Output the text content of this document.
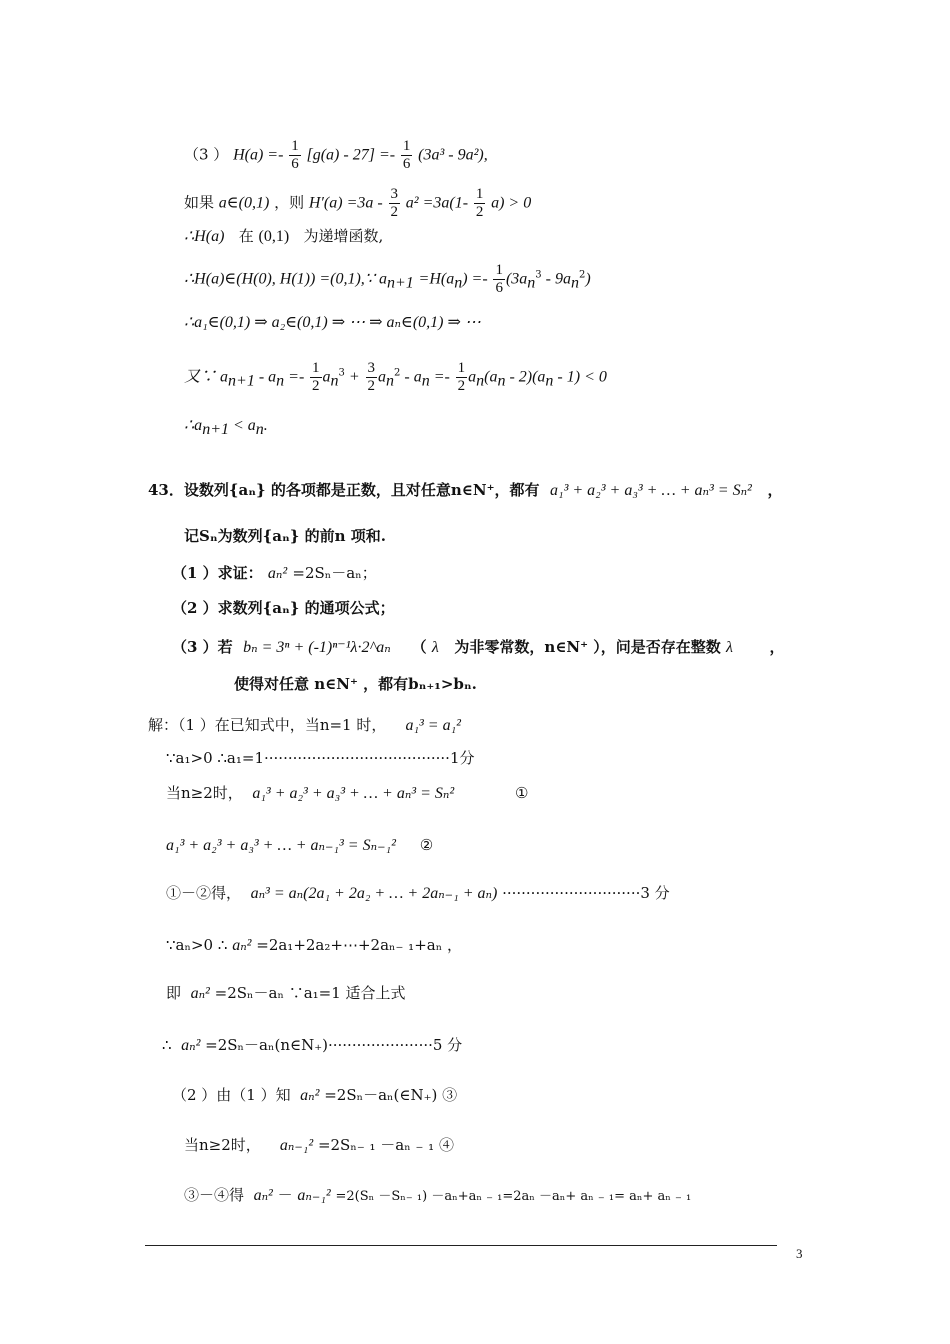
（3 ） $H(a) =- \frac{1}{6} [g(a) - 27] =- \frac{1}{6} (3a^3 - 9a^2)$,
如果 a∈(0,1) ，则 $H'(a) =3a - \frac{3}{2} a^2 =3a(1- \frac{1}{2} a) > 0$
∴H(a) 在 (0,1) 为递增函数,
∴H(a)∈(H(0), H(1)) =(0,1),∵ $a_{n+1} =H(a_n) =- \frac{1}{6} (3a_n^3 - 9a_n^2)$
∴a₁∈(0,1) ⇒ a₂∈(0,1) ⇒ ⋯ ⇒ aₙ∈(0,1) ⇒ ⋯
又∵ $a_{n+1} - a_n =- \frac{1}{2} a_n^3 + \frac{3}{2} a_n^2 - a_n =- \frac{1}{2} a_n(a_n - 2)(a_n - 1) < 0$
$\therefore a_{n+1} < a_n$.
43．设数列{aₙ} 的各项都是正数，且对任意n∈N⁺，都有 a₁³ + a₂³ + a₃³ + … + aₙ³ = Sₙ² ，
记Sₙ为数列{aₙ} 的前n 项和.
（1 ）求证： aₙ² =2Sₙ－aₙ；
（2 ）求数列{aₙ} 的通项公式；
（3 ）若 bₙ = 3ⁿ + (-1)ⁿ⁻¹λ·2^aₙ （ λ 为非零常数，n∈N⁺ ），问是否存在整数 λ ，
使得对任意 n∈N⁺ ，都有bₙ₊₁>bₙ.
解：（1 ）在已知式中，当n=1 时， a₁³ = a₁²
∵a₁>0 ∴a₁=1·······································1分
当n≥2时， a₁³ + a₂³ + a₃³ + … + aₙ³ = Sₙ²	①
a₁³ + a₂³ + a₃³ + … + aₙ₋₁³ = Sₙ₋₁² ②
①－②得， aₙ³ = aₙ(2a₁ + 2a₂ + … + 2aₙ₋₁ + aₙ) ·····························3 分
∵aₙ>0 ∴ aₙ² =2a₁+2a₂+⋯+2aₙ₋ ₁+aₙ ，
即 aₙ² =2Sₙ－aₙ ∵a₁=1 适合上式
∴ aₙ² =2Sₙ－aₙ(n∈N₊)······················5 分
（2 ）由（1 ）知 aₙ² =2Sₙ－aₙ(∈N₊) ③
当n≥2时， aₙ₋₁² =2Sₙ₋ ₁ －aₙ ₋ ₁ ④
③－④得 aₙ² － aₙ₋₁² =2(Sₙ －Sₙ₋ ₁) －aₙ+aₙ ₋ ₁=2aₙ －aₙ+ aₙ ₋ ₁= aₙ+ aₙ ₋ ₁
3
